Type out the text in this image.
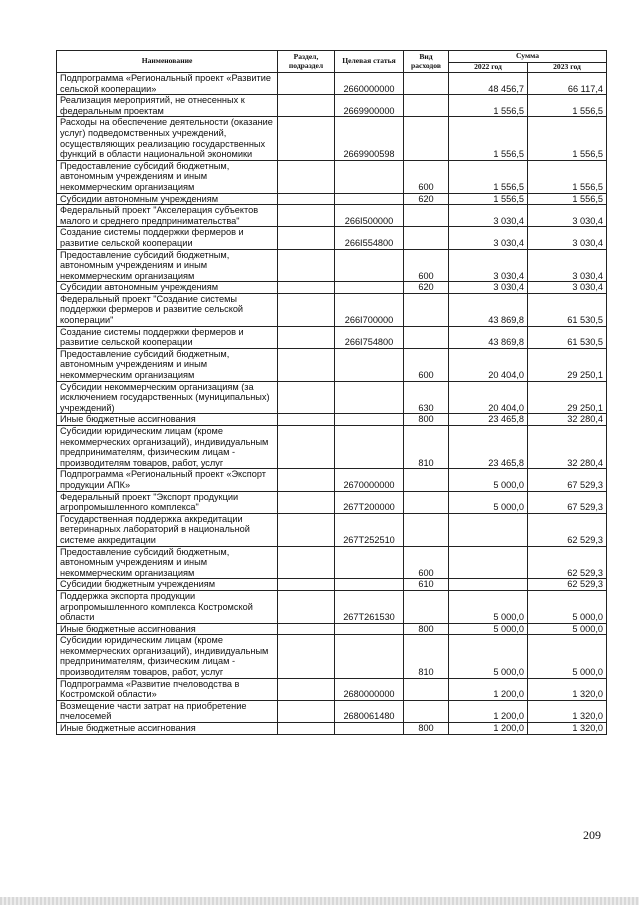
Наименование	Раздел, подраздел	Целевая статья	Вид расходов	Сумма	
				2022 год	2023 год
Подпрограмма «Региональный проект «Развитие сельской кооперации»		2660000000		48 456,7	66 117,4
Реализация мероприятий, не отнесенных к федеральным проектам		2669900000		1 556,5	1 556,5
Расходы на обеспечение деятельности (оказание услуг) подведомственных учреждений, осуществляющих реализацию государственных функций в области национальной экономики		2669900598		1 556,5	1 556,5
Предоставление субсидий бюджетным, автономным учреждениям и иным некоммерческим организациям			600	1 556,5	1 556,5
Субсидии автономным учреждениям			620	1 556,5	1 556,5
Федеральный проект "Акселерация субъектов малого и среднего предпринимательства"		266I500000		3 030,4	3 030,4
Создание системы поддержки фермеров и развитие сельской кооперации		266I554800		3 030,4	3 030,4
Предоставление субсидий бюджетным, автономным учреждениям и иным некоммерческим организациям			600	3 030,4	3 030,4
Субсидии автономным учреждениям			620	3 030,4	3 030,4
Федеральный проект "Создание системы поддержки фермеров и развитие сельской кооперации"		266I700000		43 869,8	61 530,5
Создание системы поддержки фермеров и развитие сельской кооперации		266I754800		43 869,8	61 530,5
Предоставление субсидий бюджетным, автономным учреждениям и иным некоммерческим организациям			600	20 404,0	29 250,1
Субсидии некоммерческим организациям (за исключением государственных (муниципальных) учреждений)			630	20 404,0	29 250,1
Иные бюджетные ассигнования			800	23 465,8	32 280,4
Субсидии юридическим лицам (кроме некоммерческих организаций), индивидуальным предпринимателям, физическим лицам - производителям товаров, работ, услуг			810	23 465,8	32 280,4
Подпрограмма «Региональный проект «Экспорт продукции АПК»		2670000000		5 000,0	67 529,3
Федеральный проект "Экспорт продукции агропромышленного комплекса"		267T200000		5 000,0	67 529,3
Государственная поддержка аккредитации ветеринарных лабораторий в национальной системе аккредитации		267T252510			62 529,3
Предоставление субсидий бюджетным, автономным учреждениям и иным некоммерческим организациям			600		62 529,3
Субсидии бюджетным учреждениям			610		62 529,3
Поддержка экспорта продукции агропромышленного комплекса Костромской области		267T261530		5 000,0	5 000,0
Иные бюджетные ассигнования			800	5 000,0	5 000,0
Субсидии юридическим лицам (кроме некоммерческих организаций), индивидуальным предпринимателям, физическим лицам - производителям товаров, работ, услуг			810	5 000,0	5 000,0
Подпрограмма «Развитие пчеловодства в Костромской области»		2680000000		1 200,0	1 320,0
Возмещение части затрат на приобретение пчелосемей		2680061480		1 200,0	1 320,0
Иные бюджетные ассигнования			800	1 200,0	1 320,0
209
